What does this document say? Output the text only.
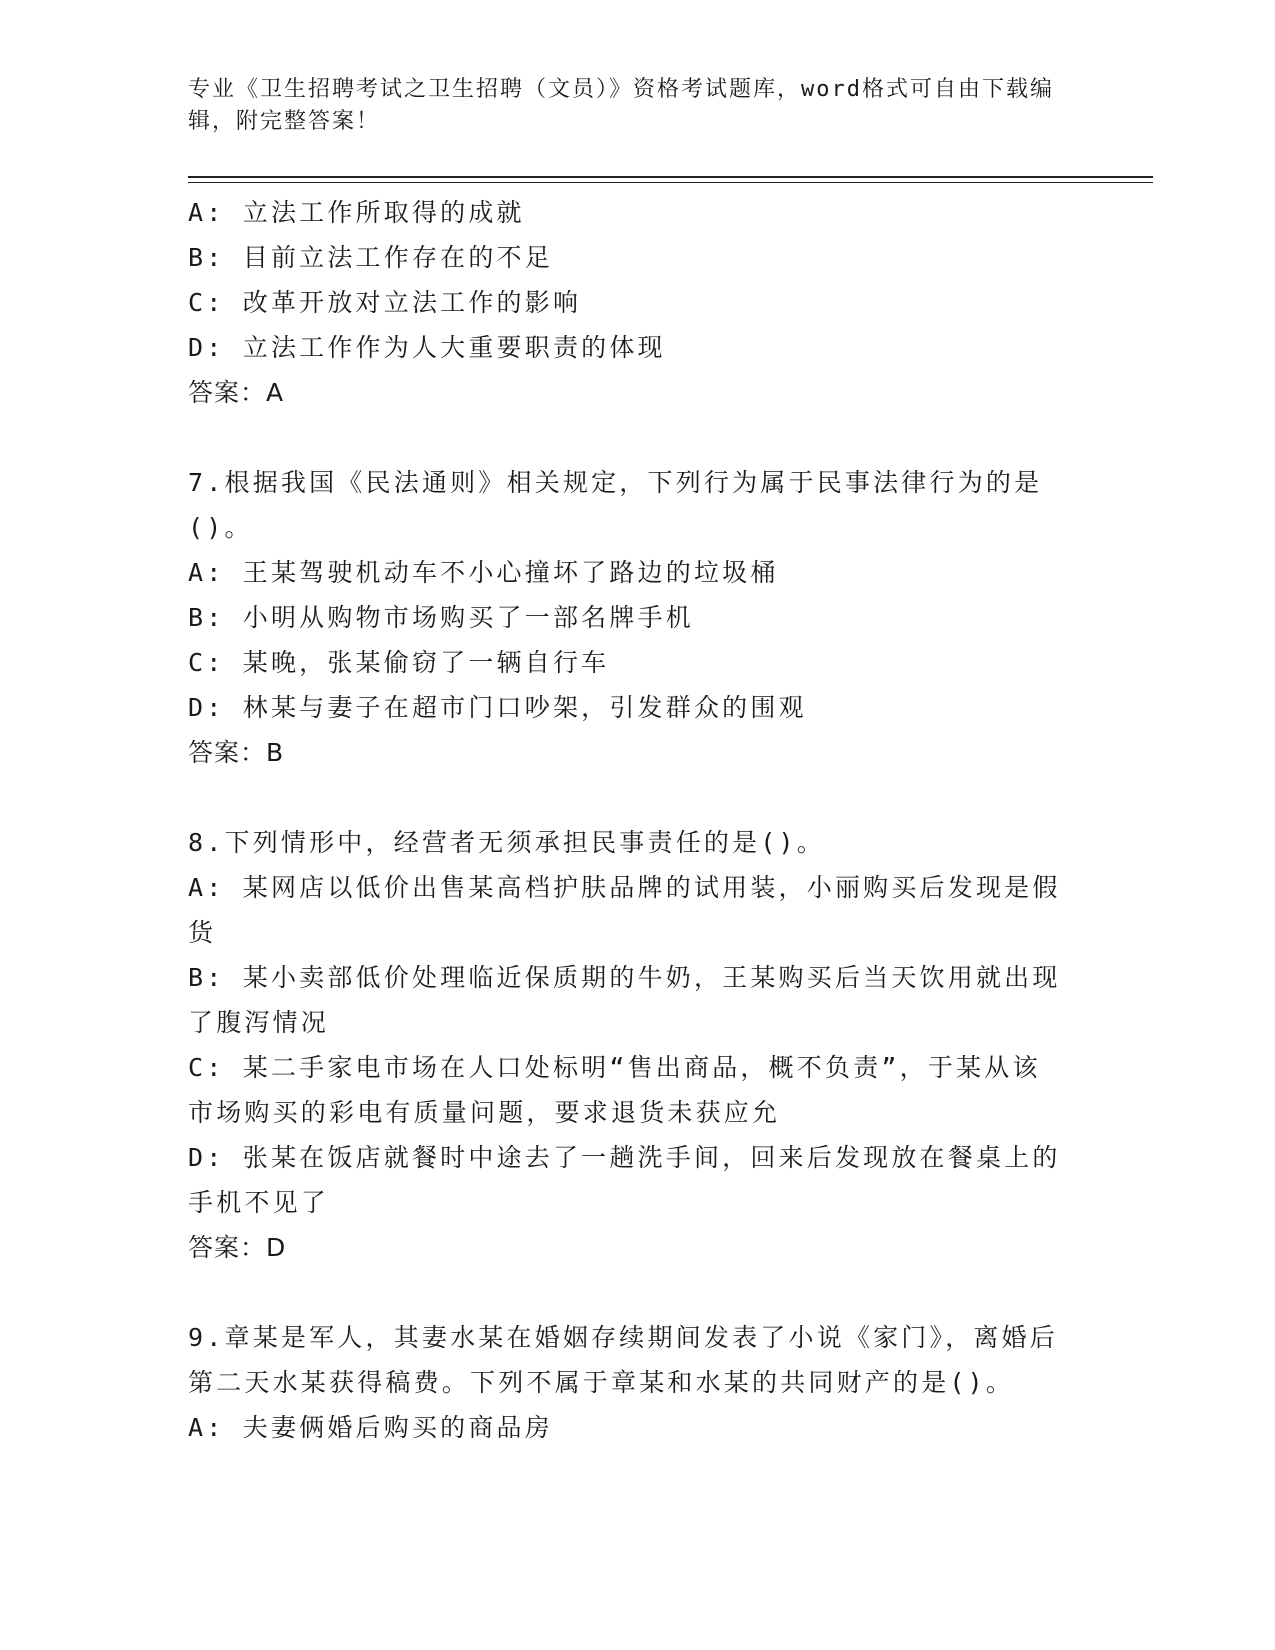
专业《卫生招聘考试之卫生招聘（文员）》资格考试题库，word格式可自由下载编辑，附完整答案！
A: 立法工作所取得的成就
B: 目前立法工作存在的不足
C: 改革开放对立法工作的影响
D: 立法工作作为人大重要职责的体现
答案：A
7.根据我国《民法通则》相关规定，下列行为属于民事法律行为的是()。
A: 王某驾驶机动车不小心撞坏了路边的垃圾桶
B: 小明从购物市场购买了一部名牌手机
C: 某晚，张某偷窃了一辆自行车
D: 林某与妻子在超市门口吵架，引发群众的围观
答案：B
8.下列情形中，经营者无须承担民事责任的是()。
A: 某网店以低价出售某高档护肤品牌的试用装，小丽购买后发现是假货
B: 某小卖部低价处理临近保质期的牛奶，王某购买后当天饮用就出现了腹泻情况
C: 某二手家电市场在人口处标明“售出商品，概不负责”，于某从该市场购买的彩电有质量问题，要求退货未获应允
D: 张某在饭店就餐时中途去了一趟洗手间，回来后发现放在餐桌上的手机不见了
答案：D
9.章某是军人，其妻水某在婚姻存续期间发表了小说《家门》，离婚后第二天水某获得稿费。下列不属于章某和水某的共同财产的是()。
A: 夫妻俩婚后购买的商品房
